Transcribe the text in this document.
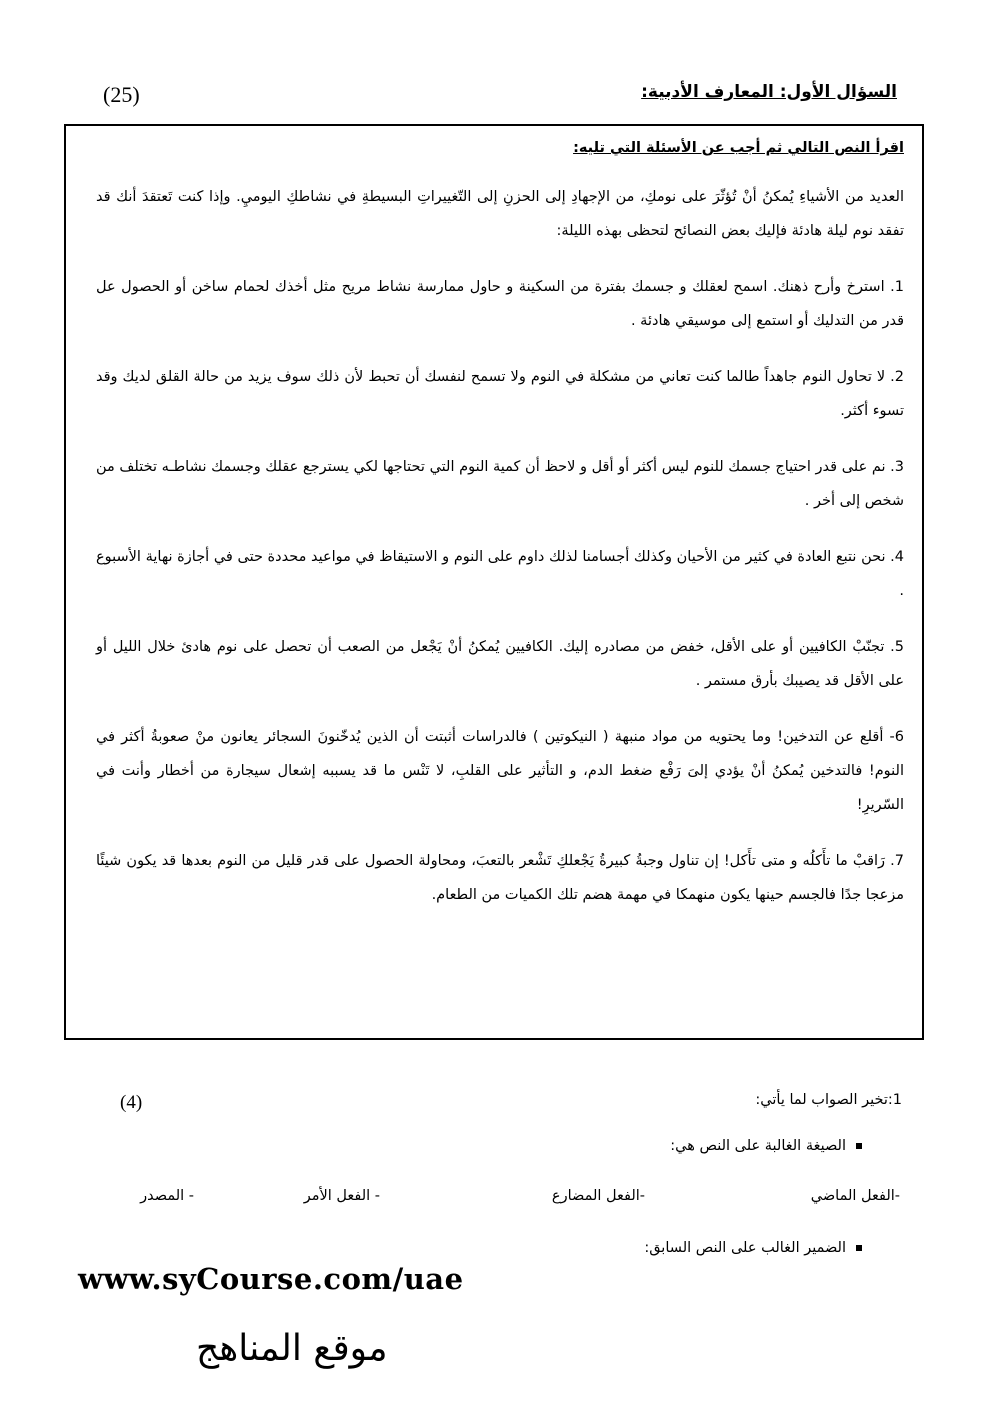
السؤال الأول: المعارف الأدبية:
(25)
اقرأ النص التالي ثم أجب عن الأسئلة التي تليه:

العديد من الأشياءِ يُمكنُ أنْ تُؤثّرَ على نومكِ، من الإجهادِ إلى الحزنِ إلى التّغييراتِ البسيطةِ في نشاطكِ اليوميِ. وإذا كنت تَعتقدَ أنك قد تفقد نوم ليلة هادئة فإليك بعض النصائح لتحظى بهذه الليلة:

1. استرخ وأرح ذهنك. اسمح لعقلك و جسمك بفترة من السكينة و حاول ممارسة نشاط مريح مثل أخذك لحمام ساخن أو الحصول عل قدر من التدليك أو استمع إلى موسيقي هادئة .

2. لا تحاول النوم جاهداً طالما كنت تعاني من مشكلة في النوم ولا تسمح لنفسك أن تحبط لأن ذلك سوف يزيد من حالة القلق لديك وقد تسوء أكثر.

3. نم على قدر احتياج جسمك للنوم ليس أكثر أو أقل و لاحظ أن كمية النوم التي تحتاجها لكي يسترجع عقلك وجسمك نشاطـه تختلف من شخص إلى أخر .

4. نحن نتبع العادة في كثير من الأحيان وكذلك أجسامنا لذلك داوم على النوم و الاستيقاظ في مواعيد محددة حتى في أجازة نهاية الأسبوع .

5. تجنّبْ الكافيين أو على الأقل، خفض من مصادره إليك. الكافيين يُمكنُ أنْ يَجْعل من الصعب أن تحصل على نوم هادئ خلال الليل أو على الأقل قد يصيبك بأرق مستمر .

6- أقلع عن التدخين! وما يحتويه من مواد منبهة ( النيكوتين ) فالدراسات أثبتت أن الذين يُدخّنونَ السجائر يعانون منْ صعوبةُ أكثر في النوم! فالتدخين يُمكنُ أنْ يؤدي إلىَ رَفْع ضغط الدم، و التأثير على القلبِ، لا تَنْس ما قد يسببه إشعال سيجارة من أخطار وأنت في السّريرِ!

7. رَاقبْ ما تأَكلُه و متى تأَكل! إن تناول وجبةُ كبيرةُ يَجْعلكِ تَشْعر بالتعبَ، ومحاولة الحصول على قدر قليل من النوم بعدها قد يكون شيئًا مزعجا جدًا فالجسم حينها يكون منهمكا في مهمة هضم تلك الكميات من الطعام.

1:تخير الصواب لما يأتي:
(4)
الصيغة الغالبة على النص هي:
-الفعل الماضي
-الفعل المضارع
- الفعل الأمر
- المصدر
الضمير الغالب على النص السابق:
www.syCourse.com/uae
موقع المناهج
